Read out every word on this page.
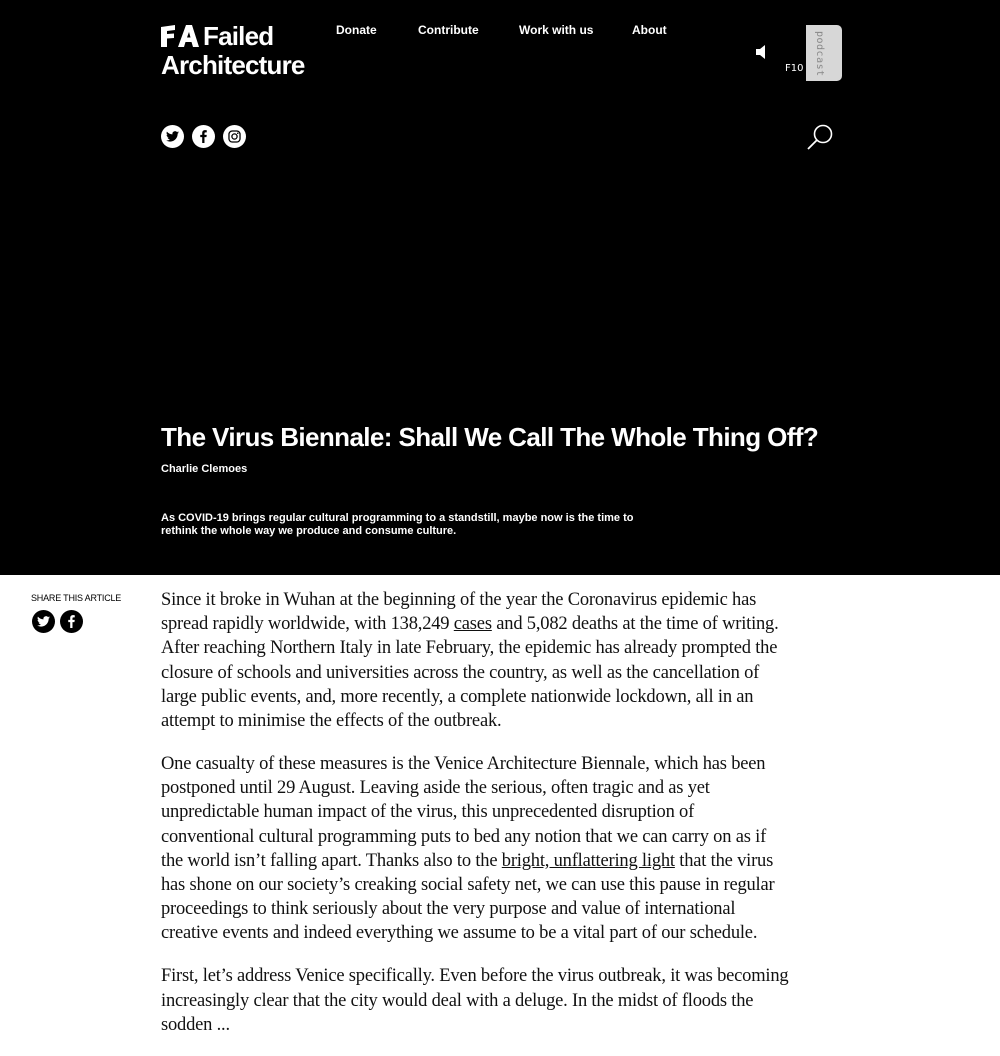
Failed
Architecture
Donate	Contribute	Work with us	About
F10 podcast
The Virus Biennale: Shall We Call The Whole Thing Off?
Charlie Clemoes

As COVID-19 brings regular cultural programming to a standstill, maybe now is the time to rethink the whole way we produce and consume culture.

SHARE THIS ARTICLE Since it broke in Wuhan at the beginning of the year the Coronavirus epidemic has spread rapidly worldwide, with 138,249 cases and 5,082 deaths at the time of writing. After reaching Northern Italy in late February, the epidemic has already prompted the closure of schools and universities across the country, as well as the cancellation of large public events, and, more recently, a complete nationwide lockdown, all in an attempt to minimise the effects of the outbreak.

One casualty of these measures is the Venice Architecture Biennale, which has been postponed until 29 August. Leaving aside the serious, often tragic and as yet unpredictable human impact of the virus, this unprecedented disruption of conventional cultural programming puts to bed any notion that we can carry on as if the world isn’t falling apart. Thanks also to the bright, unflattering light that the virus has shone on our society’s creaking social safety net, we can use this pause in regular proceedings to think seriously about the very purpose and value of international creative events and indeed everything we assume to be a vital part of our schedule.

First, let’s address Venice specifically. Even before the virus outbreak, it was becoming increasingly clear that the city would deal with a deluge. In the midst of floods the sodden ...
